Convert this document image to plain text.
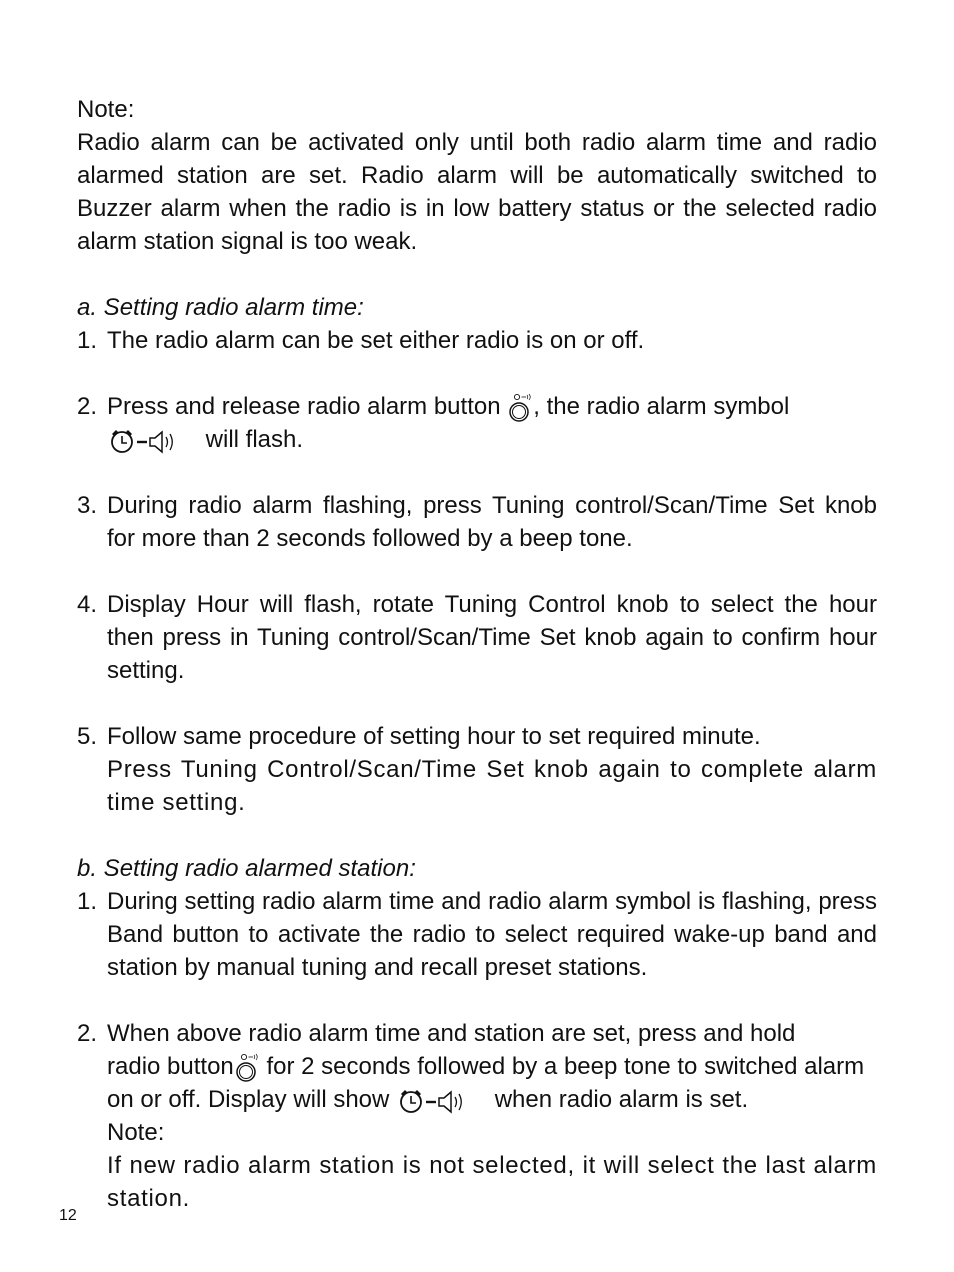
Note:

Radio alarm can be activated only until both radio alarm time and radio alarmed station are set. Radio alarm will be automatically switched to Buzzer alarm when the radio is in low battery status or the selected radio alarm station signal is too weak.

a. Setting radio alarm time:

1. The radio alarm can be set either radio is on or off.
2. Press and release radio alarm button , the radio alarm symbol
will flash.
3. During radio alarm flashing, press Tuning control/Scan/Time Set knob for more than 2 seconds followed by a beep tone.
4. Display Hour will flash, rotate Tuning Control knob to select the hour then press in Tuning control/Scan/Time Set knob again to confirm hour setting.
5. Follow same procedure of setting hour to set required minute.

Press Tuning Control/Scan/Time Set knob again to complete alarm time setting.

b. Setting radio alarmed station:

1. During setting radio alarm time and radio alarm symbol is flashing, press Band button to activate the radio to select required wake-up band and station by manual tuning and recall preset stations.
2. When above radio alarm time and station are set, press and hold

radio button for 2 seconds followed by a beep tone to switched alarm on or off. Display will show	when radio alarm is set.

Note:

If new radio alarm station is not selected, it will select the last alarm station.

12
